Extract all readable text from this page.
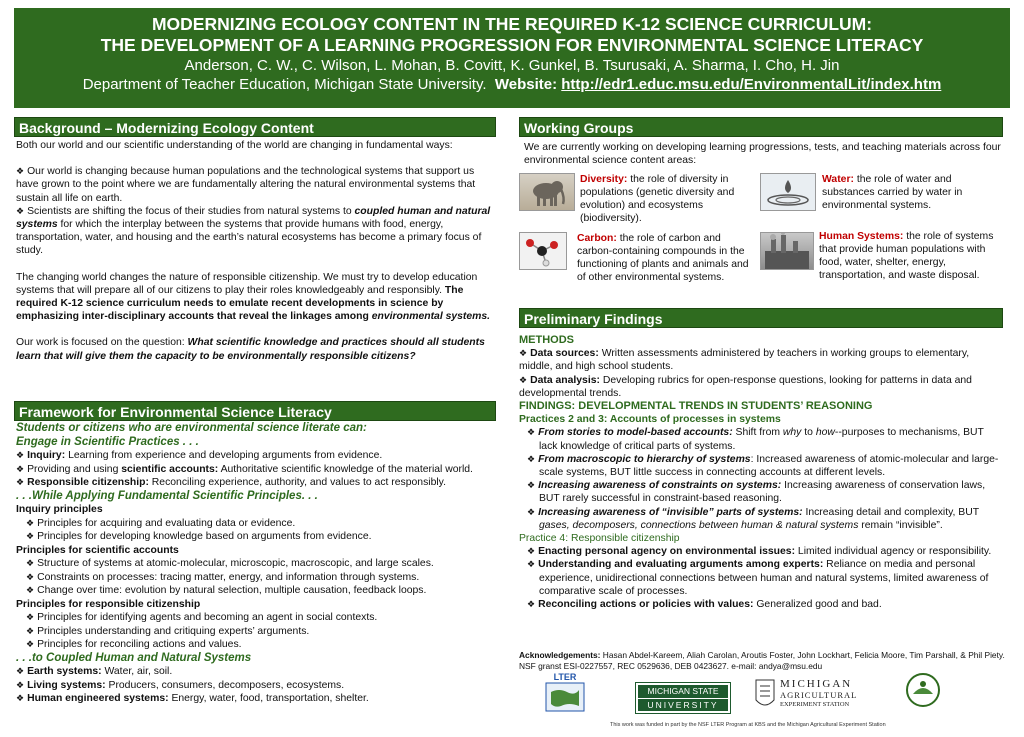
MODERNIZING ECOLOGY CONTENT IN THE REQUIRED K-12 SCIENCE CURRICULUM:
THE DEVELOPMENT OF A LEARNING PROGRESSION FOR ENVIRONMENTAL SCIENCE LITERACY
Anderson, C. W., C. Wilson, L. Mohan, B. Covitt, K. Gunkel, B. Tsurusaki, A. Sharma, I. Cho, H. Jin
Department of Teacher Education, Michigan State University. Website: http://edr1.educ.msu.edu/EnvironmentalLit/index.htm
Background – Modernizing Ecology Content

Both our world and our scientific understanding of the world are changing in fundamental ways:

❖ Our world is changing because human populations and the technological systems that support us have grown to the point where we are fundamentally altering the natural environmental systems that sustain all life on earth.

❖ Scientists are shifting the focus of their studies from natural systems to coupled human and natural systems for which the interplay between the systems that provide humans with food, energy, transportation, water, and housing and the earth’s natural ecosystems has become a primary focus of study.

The changing world changes the nature of responsible citizenship. We must try to develop education systems that will prepare all of our citizens to play their roles knowledgeably and responsibly. The required K-12 science curriculum needs to emulate recent developments in science by emphasizing inter-disciplinary accounts that reveal the linkages among environmental systems.

Our work is focused on the question: What scientific knowledge and practices should all students learn that will give them the capacity to be environmentally responsible citizens?

Framework for Environmental Science Literacy

Students or citizens who are environmental science literate can:

Engage in Scientific Practices . . .

❖ Inquiry: Learning from experience and developing arguments from evidence.

❖ Providing and using scientific accounts: Authoritative scientific knowledge of the material world.

❖ Responsible citizenship: Reconciling experience, authority, and values to act responsibly.

. . .While Applying Fundamental Scientific Principles. . .

Inquiry principles

❖ Principles for acquiring and evaluating data or evidence.

❖ Principles for developing knowledge based on arguments from evidence.

Principles for scientific accounts

❖ Structure of systems at atomic-molecular, microscopic, macroscopic, and large scales.

❖ Constraints on processes: tracing matter, energy, and information through systems.

❖ Change over time: evolution by natural selection, multiple causation, feedback loops.

Principles for responsible citizenship

❖ Principles for identifying agents and becoming an agent in social contexts.

❖ Principles understanding and critiquing experts’ arguments.

❖ Principles for reconciling actions and values.

. . .to Coupled Human and Natural Systems

❖ Earth systems: Water, air, soil.

❖ Living systems: Producers, consumers, decomposers, ecosystems.

❖ Human engineered systems: Energy, water, food, transportation, shelter.

Working Groups
We are currently working on developing learning progressions, tests, and teaching materials across four environmental science content areas:
Diversity: the role of diversity in populations (genetic diversity and evolution) and ecosystems (biodiversity).
Water: the role of water and substances carried by water in environmental systems.
Carbon: the role of carbon and carbon-containing compounds in the functioning of plants and animals and of other environmental systems.
Human Systems: the role of systems that provide human populations with food, water, shelter, energy, transportation, and waste disposal.
Preliminary Findings

METHODS

❖ Data sources: Written assessments administered by teachers in working groups to elementary, middle, and high school students.

❖ Data analysis: Developing rubrics for open-response questions, looking for patterns in data and developmental trends.

FINDINGS: DEVELOPMENTAL TRENDS IN STUDENTS’ REASONING

Practices 2 and 3: Accounts of processes in systems

❖ From stories to model-based accounts: Shift from why to how--purposes to mechanisms, BUT lack knowledge of critical parts of systems.

❖ From macroscopic to hierarchy of systems: Increased awareness of atomic-molecular and large-scale systems, BUT little success in connecting accounts at different levels.

❖ Increasing awareness of constraints on systems: Increasing awareness of conservation laws, BUT rarely successful in constraint-based reasoning.

❖ Increasing awareness of “invisible” parts of systems: Increasing detail and complexity, BUT gases, decomposers, connections between human & natural systems remain “invisible”.

Practice 4: Responsible citizenship

❖ Enacting personal agency on environmental issues: Limited individual agency or responsibility.

❖ Understanding and evaluating arguments among experts: Reliance on media and personal experience, unidirectional connections between human and natural systems, limited awareness of comparative scale of processes.

❖ Reconciling actions or policies with values: Generalized good and bad.

Acknowledgements: Hasan Abdel-Kareem, Aliah Carolan, Aroutis Foster, John Lockhart, Felicia Moore, Tim Parshall, & Phil Piety. NSF granst ESI-0227557, REC 0529636, DEB 0423627. e-mail: andya@msu.edu
LTER
MICHIGAN STATE
UNIVERSITY
MICHIGAN
AGRICULTURAL
EXPERIMENT STATION
This work was funded in part by the NSF LTER Program at KBS and the Michigan Agricultural Experiment Station
